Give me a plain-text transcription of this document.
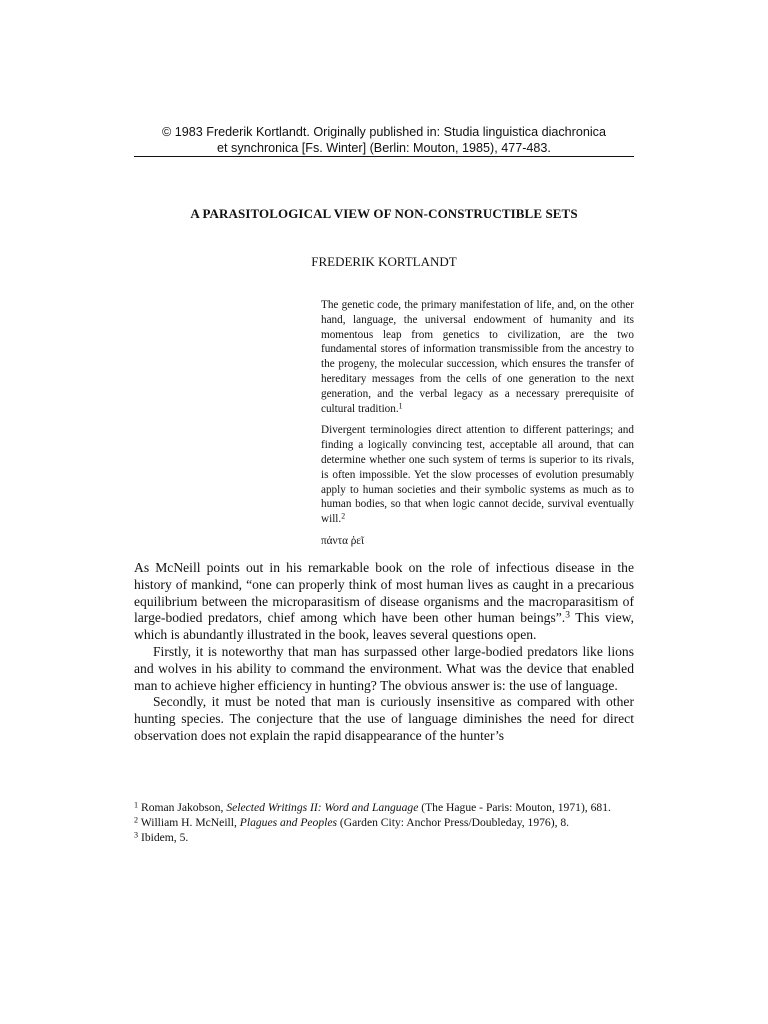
© 1983 Frederik Kortlandt. Originally published in: Studia linguistica diachronica
et synchronica [Fs. Winter] (Berlin: Mouton, 1985), 477-483.
A PARASITOLOGICAL VIEW OF NON-CONSTRUCTIBLE SETS
FREDERIK KORTLANDT

The genetic code, the primary manifestation of life, and, on the other hand, language, the universal endowment of humanity and its momentous leap from genetics to civilization, are the two fundamental stores of information transmissible from the ancestry to the progeny, the molecular succession, which ensures the transfer of hereditary messages from the cells of one generation to the next generation, and the verbal legacy as a necessary prerequisite of cultural tradition.$^1$

Divergent terminologies direct attention to different patterings; and finding a logically convincing test, acceptable all around, that can determine whether one such system of terms is superior to its rivals, is often impossible. Yet the slow processes of evolution presumably apply to human societies and their symbolic systems as much as to human bodies, so that when logic cannot decide, survival eventually will.$^2$

πάντα ῥεῖ

As McNeill points out in his remarkable book on the role of infectious disease in the history of mankind, “one can properly think of most human lives as caught in a precarious equilibrium between the microparasitism of disease organisms and the macroparasitism of large-bodied predators, chief among which have been other human beings”.$^3$ This view, which is abundantly illustrated in the book, leaves several questions open.

Firstly, it is noteworthy that man has surpassed other large-bodied predators like lions and wolves in his ability to command the environment. What was the device that enabled man to achieve higher efficiency in hunting? The obvious answer is: the use of language.

Secondly, it must be noted that man is curiously insensitive as compared with other hunting species. The conjecture that the use of language diminishes the need for direct observation does not explain the rapid disappearance of the hunter’s

$^1$ Roman Jakobson, Selected Writings II: Word and Language (The Hague - Paris: Mouton, 1971), 681.

$^2$ William H. McNeill, Plagues and Peoples (Garden City: Anchor Press/Doubleday, 1976), 8.

$^3$ Ibidem, 5.
